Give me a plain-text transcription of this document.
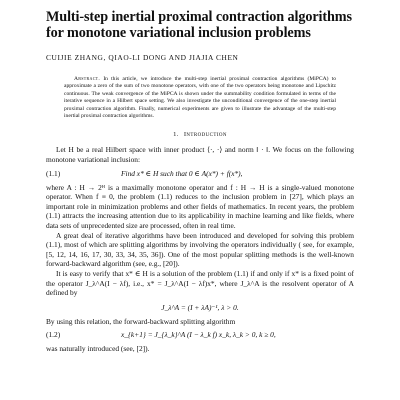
Multi-step inertial proximal contraction algorithms for monotone variational inclusion problems
CUIJIE ZHANG, QIAO-LI DONG AND JIAJIA CHEN
Abstract. In this article, we introduce the multi-step inertial proximal contraction algorithms (MiPCA) to approximate a zero of the sum of two monotone operators, with one of the two operators being monotone and Lipschitz continuous. The weak convergence of the MiPCA is shown under the summability condition formulated in terms of the iterative sequence in a Hilbert space setting. We also investigate the unconditional convergence of the one-step inertial proximal contraction algorithm. Finally, numerical experiments are given to illustrate the advantage of the multi-step inertial proximal contraction algorithms.
1. Introduction

Let H be a real Hilbert space with inner product ⟨·, ·⟩ and norm ‖ · ‖. We focus on the following monotone variational inclusion:

(1.1)	Find x* ∈ H such that 0 ∈ A(x*) + f(x*),

where A : H → 2ᴴ is a maximally monotone operator and f : H → H is a single-valued monotone operator. When f ≡ 0, the problem (1.1) reduces to the inclusion problem in [27], which plays an important role in minimization problems and other fields of mathematics. In recent years, the problem (1.1) attracts the increasing attention due to its applicability in machine learning and like fields, where data sets of unprecedented size are processed, often in real time.

A great deal of iterative algorithms have been introduced and developed for solving this problem (1.1), most of which are splitting algorithms by involving the operators individually ( see, for example, [5, 12, 14, 16, 17, 30, 33, 34, 35, 36]). One of the most popular splitting methods is the well-known forward-backward algorithm (see, e.g., [20]).

It is easy to verify that x* ∈ H is a solution of the problem (1.1) if and only if x* is a fixed point of the operator J_λ^A(I − λf), i.e., x* = J_λ^A(I − λf)x*, where J_λ^A is the resolvent operator of A defined by

J_λ^A = (I + λA)⁻¹, λ > 0.

By using this relation, the forward-backward splitting algorithm

(1.2)	x_{k+1} = J_{λ_k}^A (I − λ_k f) x_k, λ_k > 0, k ≥ 0,

was naturally introduced (see, [2]).
